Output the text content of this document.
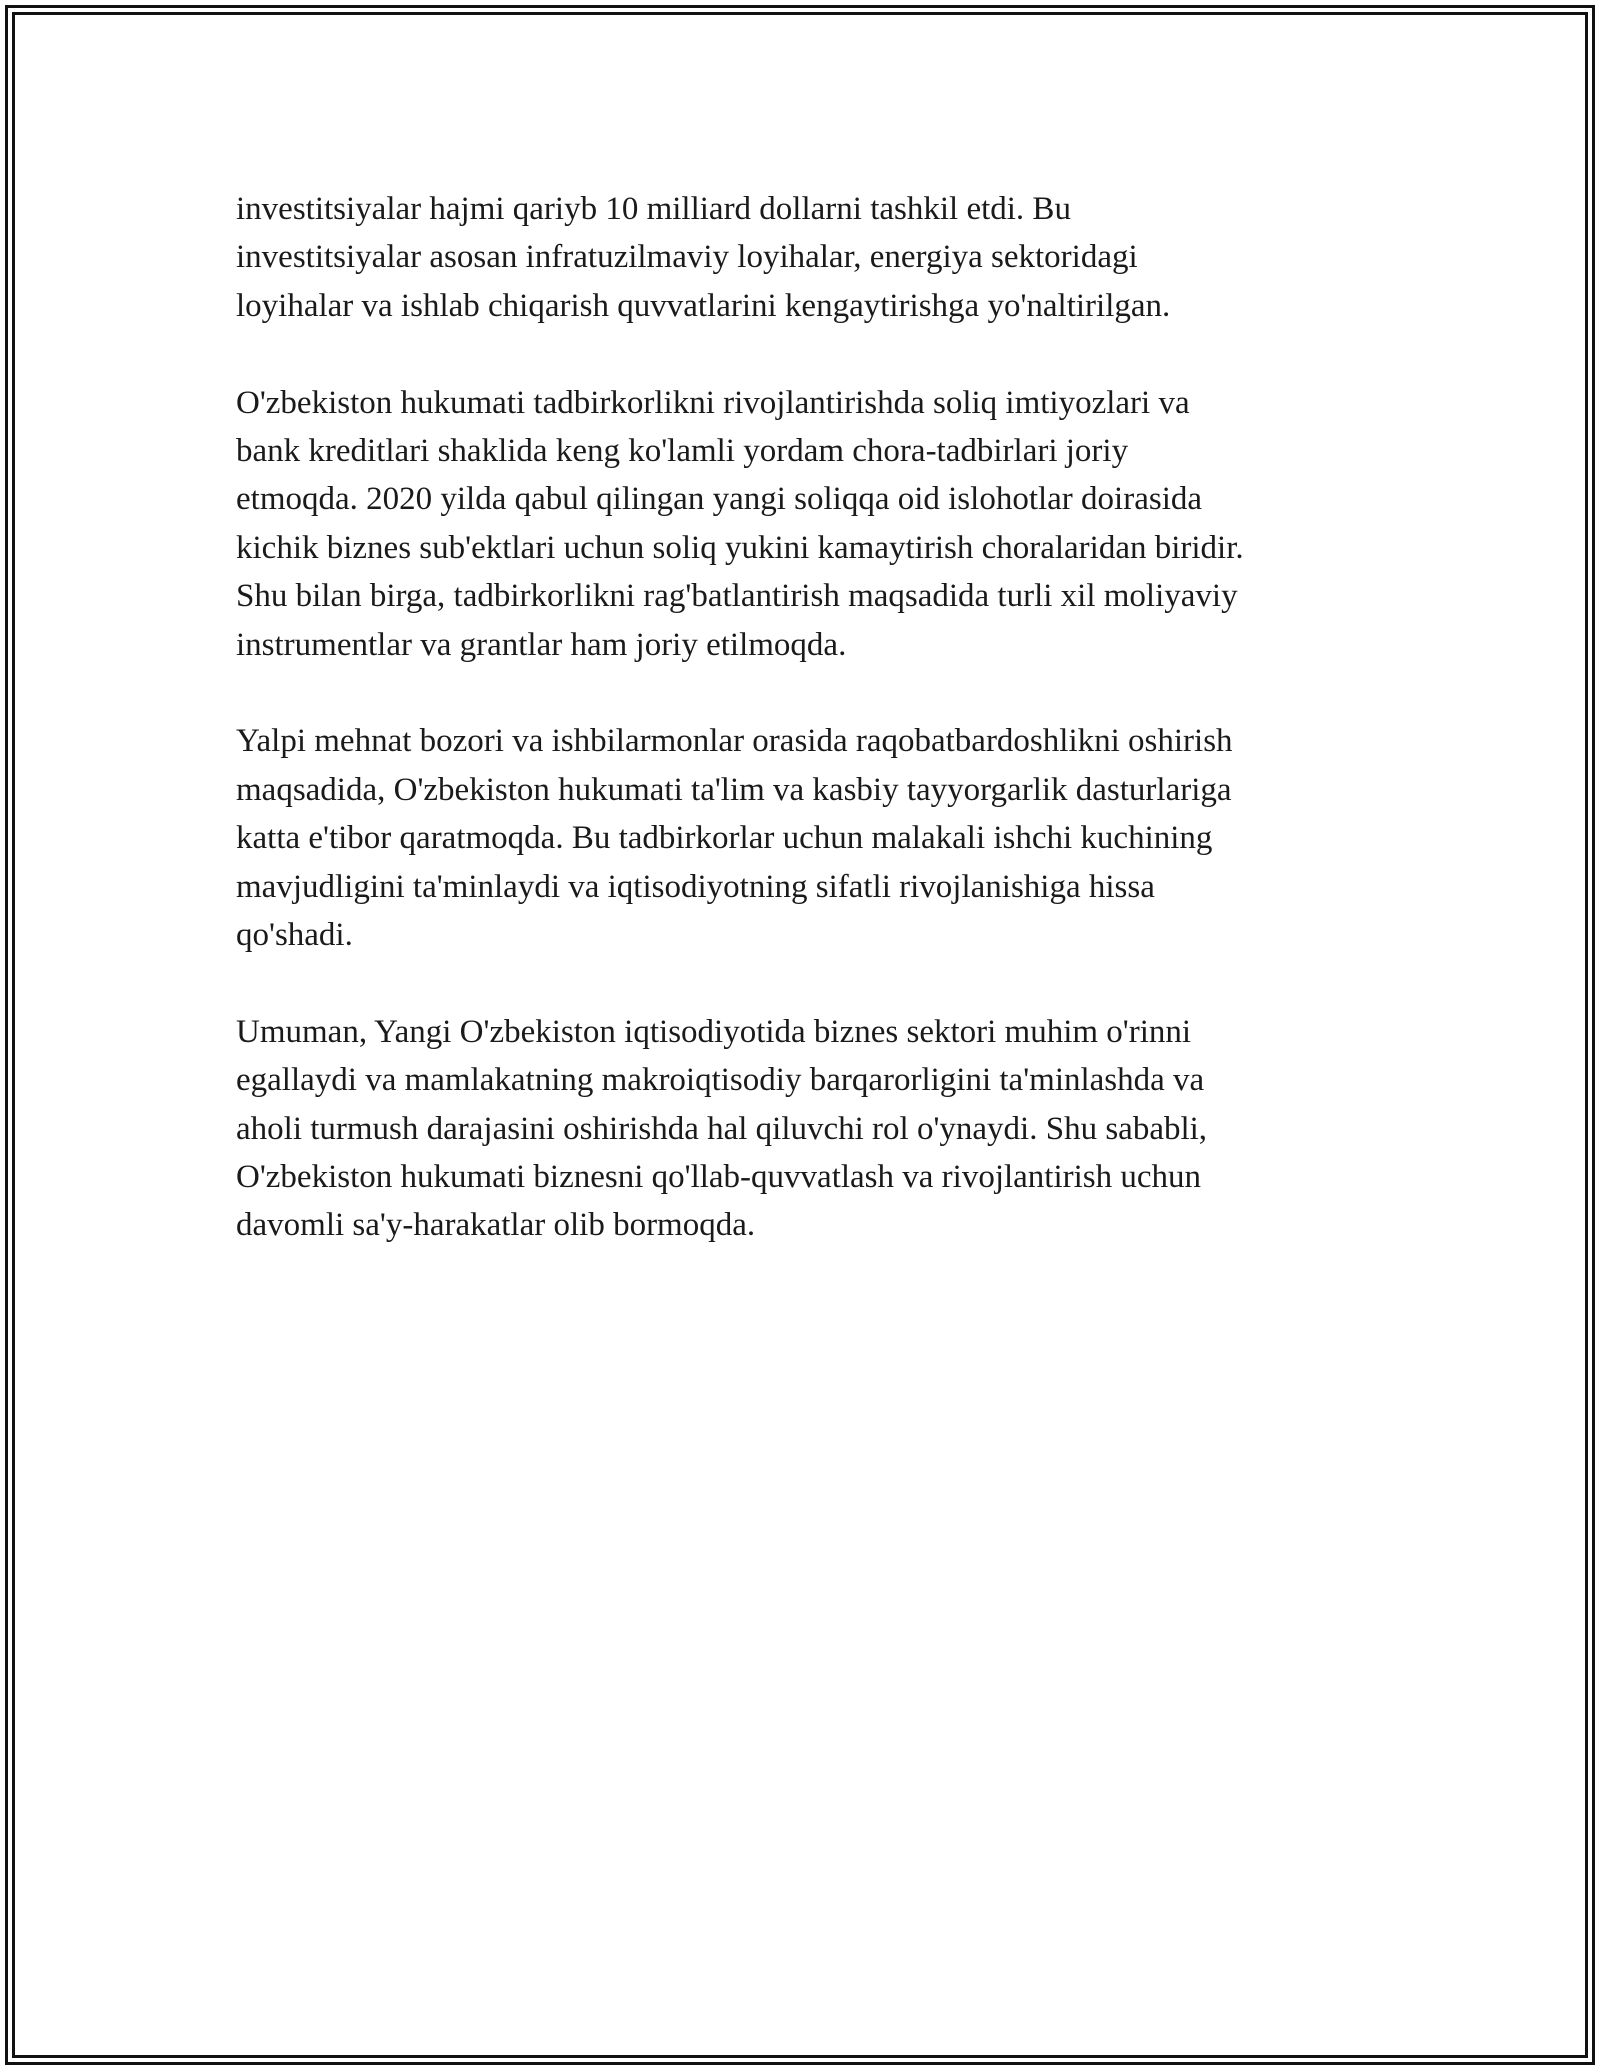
investitsiyalar hajmi qariyb 10 milliard dollarni tashkil etdi. Bu
investitsiyalar asosan infratuzilmaviy loyihalar, energiya sektoridagi
loyihalar va ishlab chiqarish quvvatlarini kengaytirishga yo'naltirilgan.
O'zbekiston hukumati tadbirkorlikni rivojlantirishda soliq imtiyozlari va
bank kreditlari shaklida keng ko'lamli yordam chora-tadbirlari joriy
etmoqda. 2020 yilda qabul qilingan yangi soliqqa oid islohotlar doirasida
kichik biznes sub'ektlari uchun soliq yukini kamaytirish choralaridan biridir.
Shu bilan birga, tadbirkorlikni rag'batlantirish maqsadida turli xil moliyaviy
instrumentlar va grantlar ham joriy etilmoqda.
Yalpi mehnat bozori va ishbilarmonlar orasida raqobatbardoshlikni oshirish
maqsadida, O'zbekiston hukumati ta'lim va kasbiy tayyorgarlik dasturlariga
katta e'tibor qaratmoqda. Bu tadbirkorlar uchun malakali ishchi kuchining
mavjudligini ta'minlaydi va iqtisodiyotning sifatli rivojlanishiga hissa
qo'shadi.
Umuman, Yangi O'zbekiston iqtisodiyotida biznes sektori muhim o'rinni
egallaydi va mamlakatning makroiqtisodiy barqarorligini ta'minlashda va
aholi turmush darajasini oshirishda hal qiluvchi rol o'ynaydi. Shu sababli,
O'zbekiston hukumati biznesni qo'llab-quvvatlash va rivojlantirish uchun
davomli sa'y-harakatlar olib bormoqda.
